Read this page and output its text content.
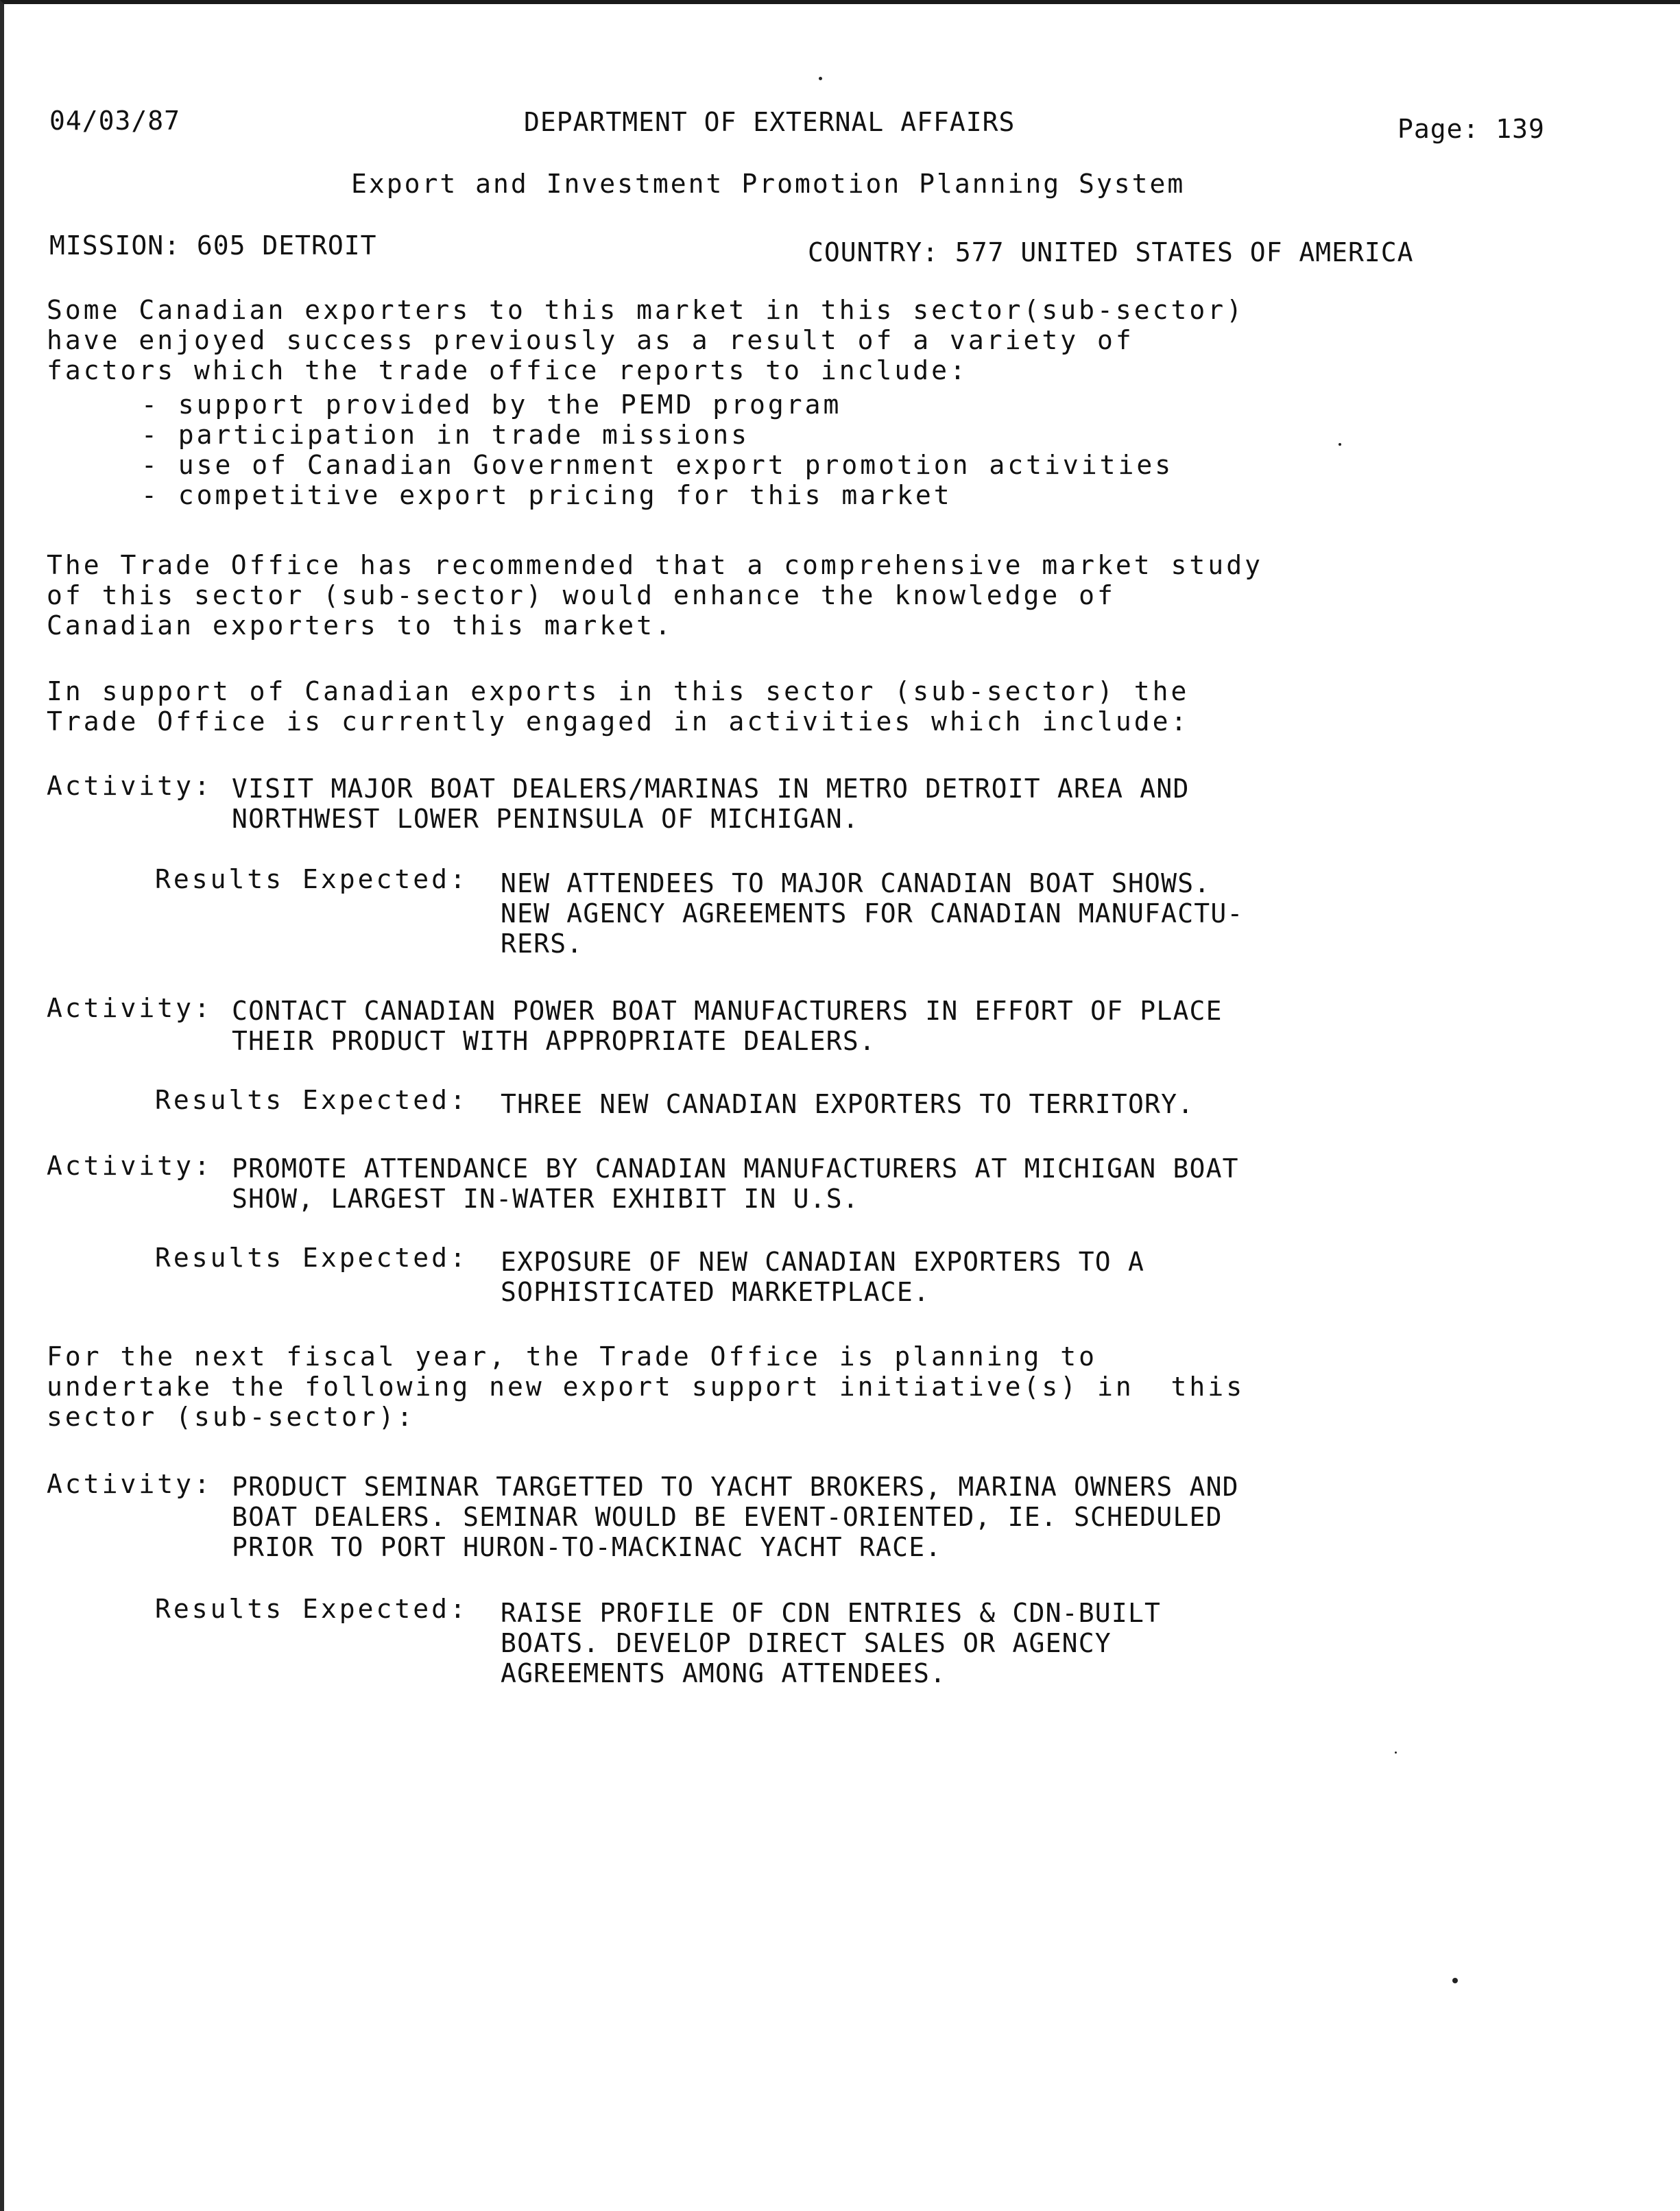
04/03/87	DEPARTMENT OF EXTERNAL AFFAIRS	Page: 139
Export and Investment Promotion Planning System
MISSION: 605 DETROIT	COUNTRY: 577 UNITED STATES OF AMERICA
Some Canadian exporters to this market in this sector(sub-sector)
have enjoyed success previously as a result of a variety of
factors which the trade office reports to include:
- support provided by the PEMD program
- participation in trade missions
- use of Canadian Government export promotion activities
- competitive export pricing for this market
The Trade Office has recommended that a comprehensive market study
of this sector (sub-sector) would enhance the knowledge of
Canadian exporters to this market.
In support of Canadian exports in this sector (sub-sector) the
Trade Office is currently engaged in activities which include:
Activity: VISIT MAJOR BOAT DEALERS/MARINAS IN METRO DETROIT AREA AND
NORTHWEST LOWER PENINSULA OF MICHIGAN.
Results Expected: NEW ATTENDEES TO MAJOR CANADIAN BOAT SHOWS.
NEW AGENCY AGREEMENTS FOR CANADIAN MANUFACTU-
RERS.
Activity: CONTACT CANADIAN POWER BOAT MANUFACTURERS IN EFFORT OF PLACE
THEIR PRODUCT WITH APPROPRIATE DEALERS.
Results Expected: THREE NEW CANADIAN EXPORTERS TO TERRITORY.
Activity: PROMOTE ATTENDANCE BY CANADIAN MANUFACTURERS AT MICHIGAN BOAT
SHOW, LARGEST IN-WATER EXHIBIT IN U.S.
Results Expected: EXPOSURE OF NEW CANADIAN EXPORTERS TO A
SOPHISTICATED MARKETPLACE.
For the next fiscal year, the Trade Office is planning to
undertake the following new export support initiative(s) in  this
sector (sub-sector):
Activity: PRODUCT SEMINAR TARGETTED TO YACHT BROKERS, MARINA OWNERS AND
BOAT DEALERS. SEMINAR WOULD BE EVENT-ORIENTED, IE. SCHEDULED
PRIOR TO PORT HURON-TO-MACKINAC YACHT RACE.
Results Expected: RAISE PROFILE OF CDN ENTRIES & CDN-BUILT
BOATS. DEVELOP DIRECT SALES OR AGENCY
AGREEMENTS AMONG ATTENDEES.
